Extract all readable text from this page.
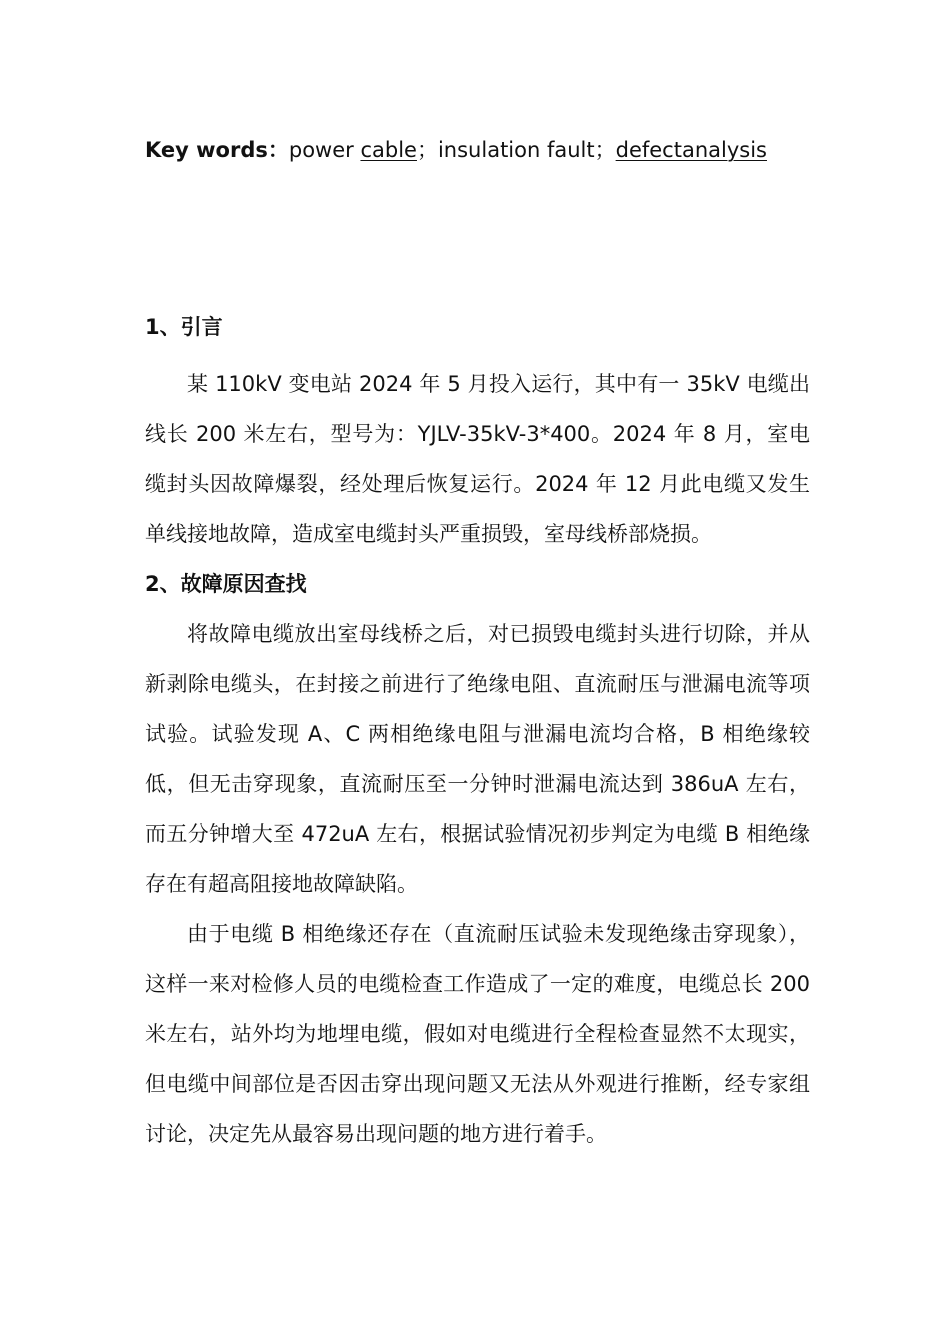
Key words：power cable；insulation fault；defectanalysis
1、引言

某 110kV 变电站 2024 年 5 月投入运行，其中有一 35kV 电缆出线长 200 米左右，型号为：YJLV-35kV-3*400。2024 年 8 月，室电缆封头因故障爆裂，经处理后恢复运行。2024 年 12 月此电缆又发生单线接地故障，造成室电缆封头严重损毁，室母线桥部烧损。

2、故障原因查找

将故障电缆放出室母线桥之后，对已损毁电缆封头进行切除，并从新剥除电缆头，在封接之前进行了绝缘电阻、直流耐压与泄漏电流等项试验。试验发现 A、C 两相绝缘电阻与泄漏电流均合格，B 相绝缘较低，但无击穿现象，直流耐压至一分钟时泄漏电流达到 386uA 左右，而五分钟增大至 472uA 左右，根据试验情况初步判定为电缆 B 相绝缘存在有超高阻接地故障缺陷。

由于电缆 B 相绝缘还存在（直流耐压试验未发现绝缘击穿现象），这样一来对检修人员的电缆检查工作造成了一定的难度，电缆总长 200 米左右，站外均为地埋电缆，假如对电缆进行全程检查显然不太现实，但电缆中间部位是否因击穿出现问题又无法从外观进行推断，经专家组讨论，决定先从最容易出现问题的地方进行着手。
